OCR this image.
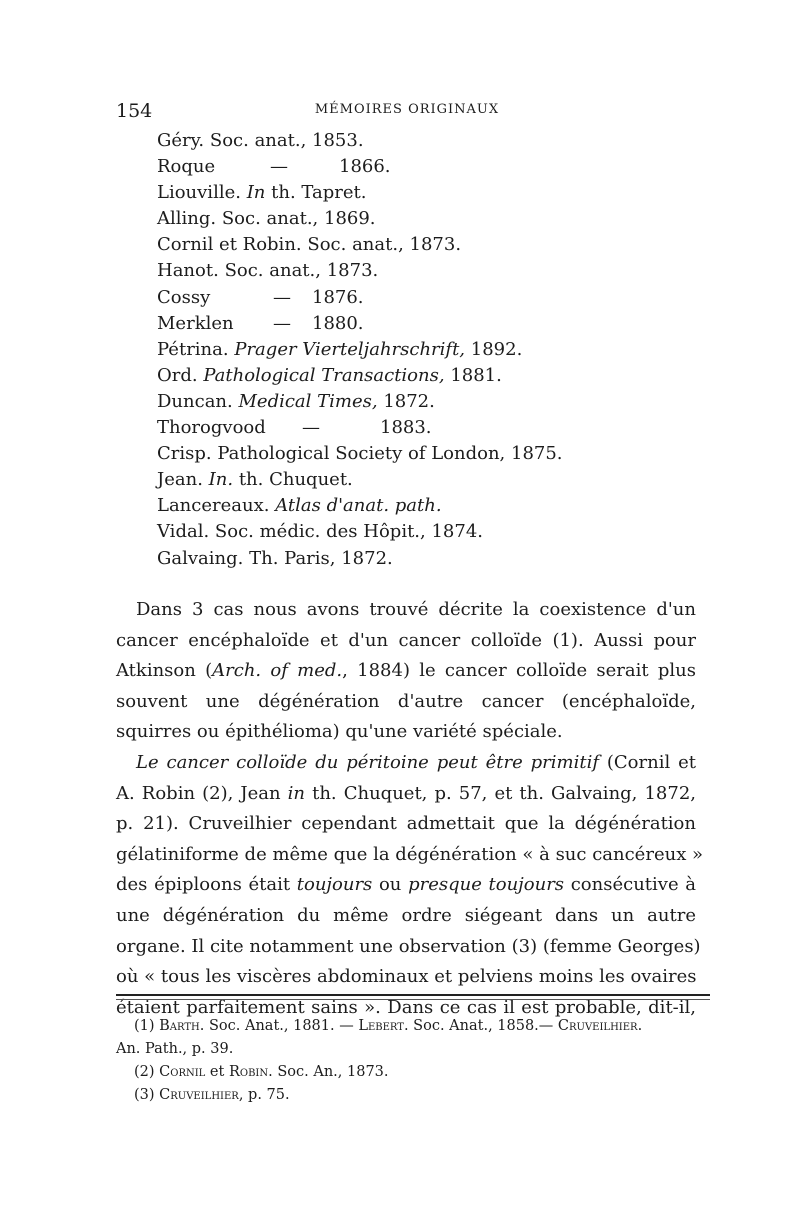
154	MÉMOIRES ORIGINAUX
Géry. Soc. anat., 1853.
Roque	—	1866.
Liouville. In th. Tapret.
Alling. Soc. anat., 1869.
Cornil et Robin. Soc. anat., 1873.
Hanot. Soc. anat., 1873.
Cossy	— 1876.
Merklen — 1880.
Pétrina. Prager Vierteljahrschrift, 1892.
Ord. Pathological Transactions, 1881.
Duncan. Medical Times, 1872.
Thorogvood —	1883.
Crisp. Pathological Society of London, 1875.
Jean. In. th. Chuquet.
Lancereaux. Atlas d'anat. path.
Vidal. Soc. médic. des Hôpit., 1874.
Galvaing. Th. Paris, 1872.
Dans 3 cas nous avons trouvé décrite la coexistence d'un
cancer encéphaloïde et d'un cancer colloïde (1). Aussi pour
Atkinson (Arch. of med., 1884) le cancer colloïde serait plus
souvent une dégénération d'autre cancer (encéphaloïde,
squirres ou épithélioma) qu'une variété spéciale.
Le cancer colloïde du péritoine peut être primitif (Cornil et
A. Robin (2), Jean in th. Chuquet, p. 57, et th. Galvaing, 1872,
p. 21). Cruveilhier cependant admettait que la dégénération
gélatiniforme de même que la dégénération « à suc cancéreux »
des épiploons était toujours ou presque toujours consécutive à
une dégénération du même ordre siégeant dans un autre
organe. Il cite notamment une observation (3) (femme Georges)
où « tous les viscères abdominaux et pelviens moins les ovaires
étaient parfaitement sains ». Dans ce cas il est probable, dit-il,
(1) Barth. Soc. Anat., 1881. — Lebert. Soc. Anat., 1858.— Cruveilhier.
An. Path., p. 39.
(2) Cornil et Robin. Soc. An., 1873.
(3) Cruveilhier, p. 75.
